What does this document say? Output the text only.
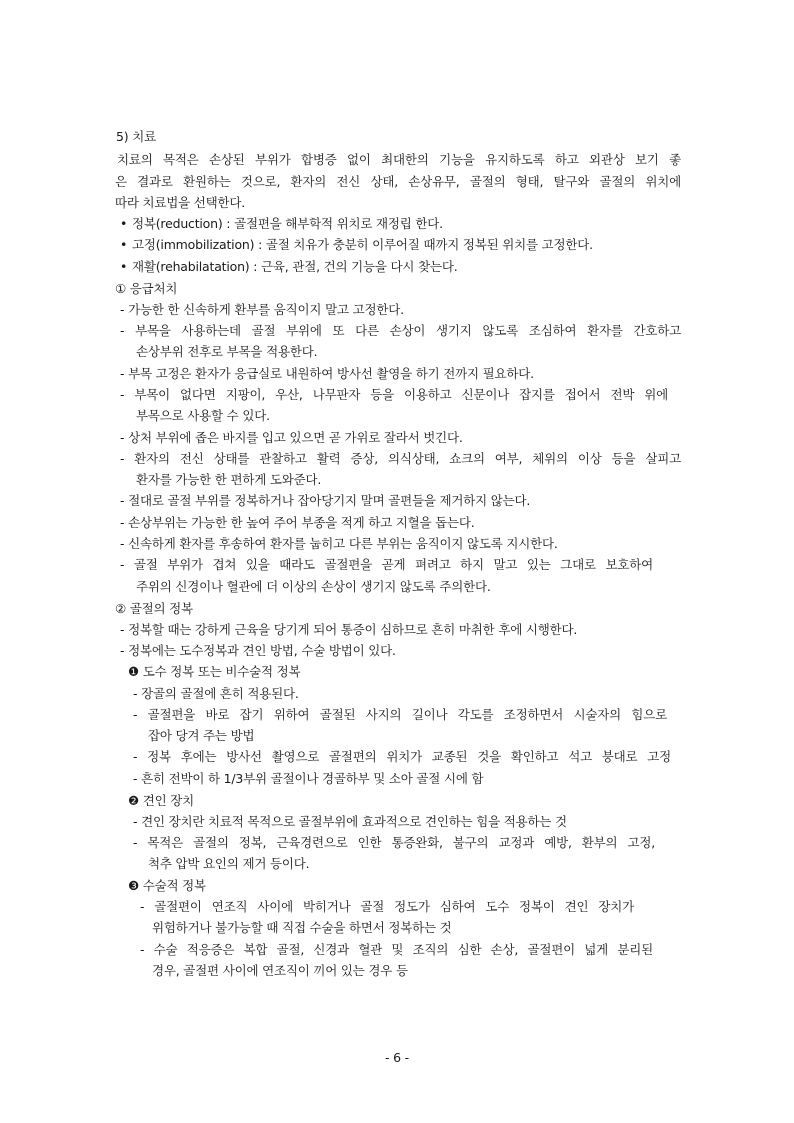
5) 치료
치료의 목적은 손상된 부위가 합병증 없이 최대한의 기능을 유지하도록 하고 외관상 보기 좋
은 결과로 환원하는 것으로, 환자의 전신 상태, 손상유무, 골절의 형태, 탈구와 골절의 위치에
따라 치료법을 선택한다.
• 정복(reduction) : 골절편을 해부학적 위치로 재정립 한다.
• 고정(immobilization) : 골절 치유가 충분히 이루어질 때까지 정복된 위치를 고정한다.
• 재활(rehabilatation) : 근육, 관절, 건의 기능을 다시 찾는다.
① 응급처치
- 가능한 한 신속하게 환부를 움직이지 말고 고정한다.
- 부목을 사용하는데 골절 부위에 또 다른 손상이 생기지 않도록 조심하여 환자를 간호하고
손상부위 전후로 부목을 적용한다.
- 부목 고정은 환자가 응급실로 내원하여 방사선 촬영을 하기 전까지 필요하다.
- 부목이 없다면 지팡이, 우산, 나무판자 등을 이용하고 신문이나 잡지를 접어서 전박 위에
부목으로 사용할 수 있다.
- 상처 부위에 좁은 바지를 입고 있으면 곧 가위로 잘라서 벗긴다.
- 환자의 전신 상태를 관찰하고 활력 증상, 의식상태, 쇼크의 여부, 체위의 이상 등을 살피고
환자를 가능한 한 편하게 도와준다.
- 절대로 골절 부위를 정복하거나 잡아당기지 말며 골편들을 제거하지 않는다.
- 손상부위는 가능한 한 높여 주어 부종을 적게 하고 지혈을 돕는다.
- 신속하게 환자를 후송하여 환자를 눕히고 다른 부위는 움직이지 않도록 지시한다.
- 골절 부위가 겹쳐 있을 때라도 골절편을 곧게 펴려고 하지 말고 있는 그대로 보호하여
주위의 신경이나 혈관에 더 이상의 손상이 생기지 않도록 주의한다.
② 골절의 정복
- 정복할 때는 강하게 근육을 당기게 되어 통증이 심하므로 흔히 마취한 후에 시행한다.
- 정복에는 도수정복과 견인 방법, 수술 방법이 있다.
❶ 도수 정복 또는 비수술적 정복
- 장골의 골절에 흔히 적용된다.
- 골절편을 바로 잡기 위하여 골절된 사지의 길이나 각도를 조정하면서 시술자의 힘으로
잡아 당겨 주는 방법
- 정복 후에는 방사선 촬영으로 골절편의 위치가 교종된 것을 확인하고 석고 붕대로 고정
- 흔히 전박이 하 1/3부위 골절이나 경골하부 및 소아 골절 시에 함
❷ 견인 장치
- 견인 장치란 치료적 목적으로 골절부위에 효과적으로 견인하는 힘을 적용하는 것
- 목적은 골절의 정복, 근육경련으로 인한 통증완화, 불구의 교정과 예방, 환부의 고정,
척추 압박 요인의 제거 등이다.
❸ 수술적 정복
- 골절편이 연조직 사이에 박히거나 골절 정도가 심하여 도수 정복이 견인 장치가
위험하거나 불가능할 때 직접 수술을 하면서 정복하는 것
- 수술 적응증은 복합 골절, 신경과 혈관 및 조직의 심한 손상, 골절편이 넓게 분리된
경우, 골절편 사이에 연조직이 끼어 있는 경우 등
- 6 -
